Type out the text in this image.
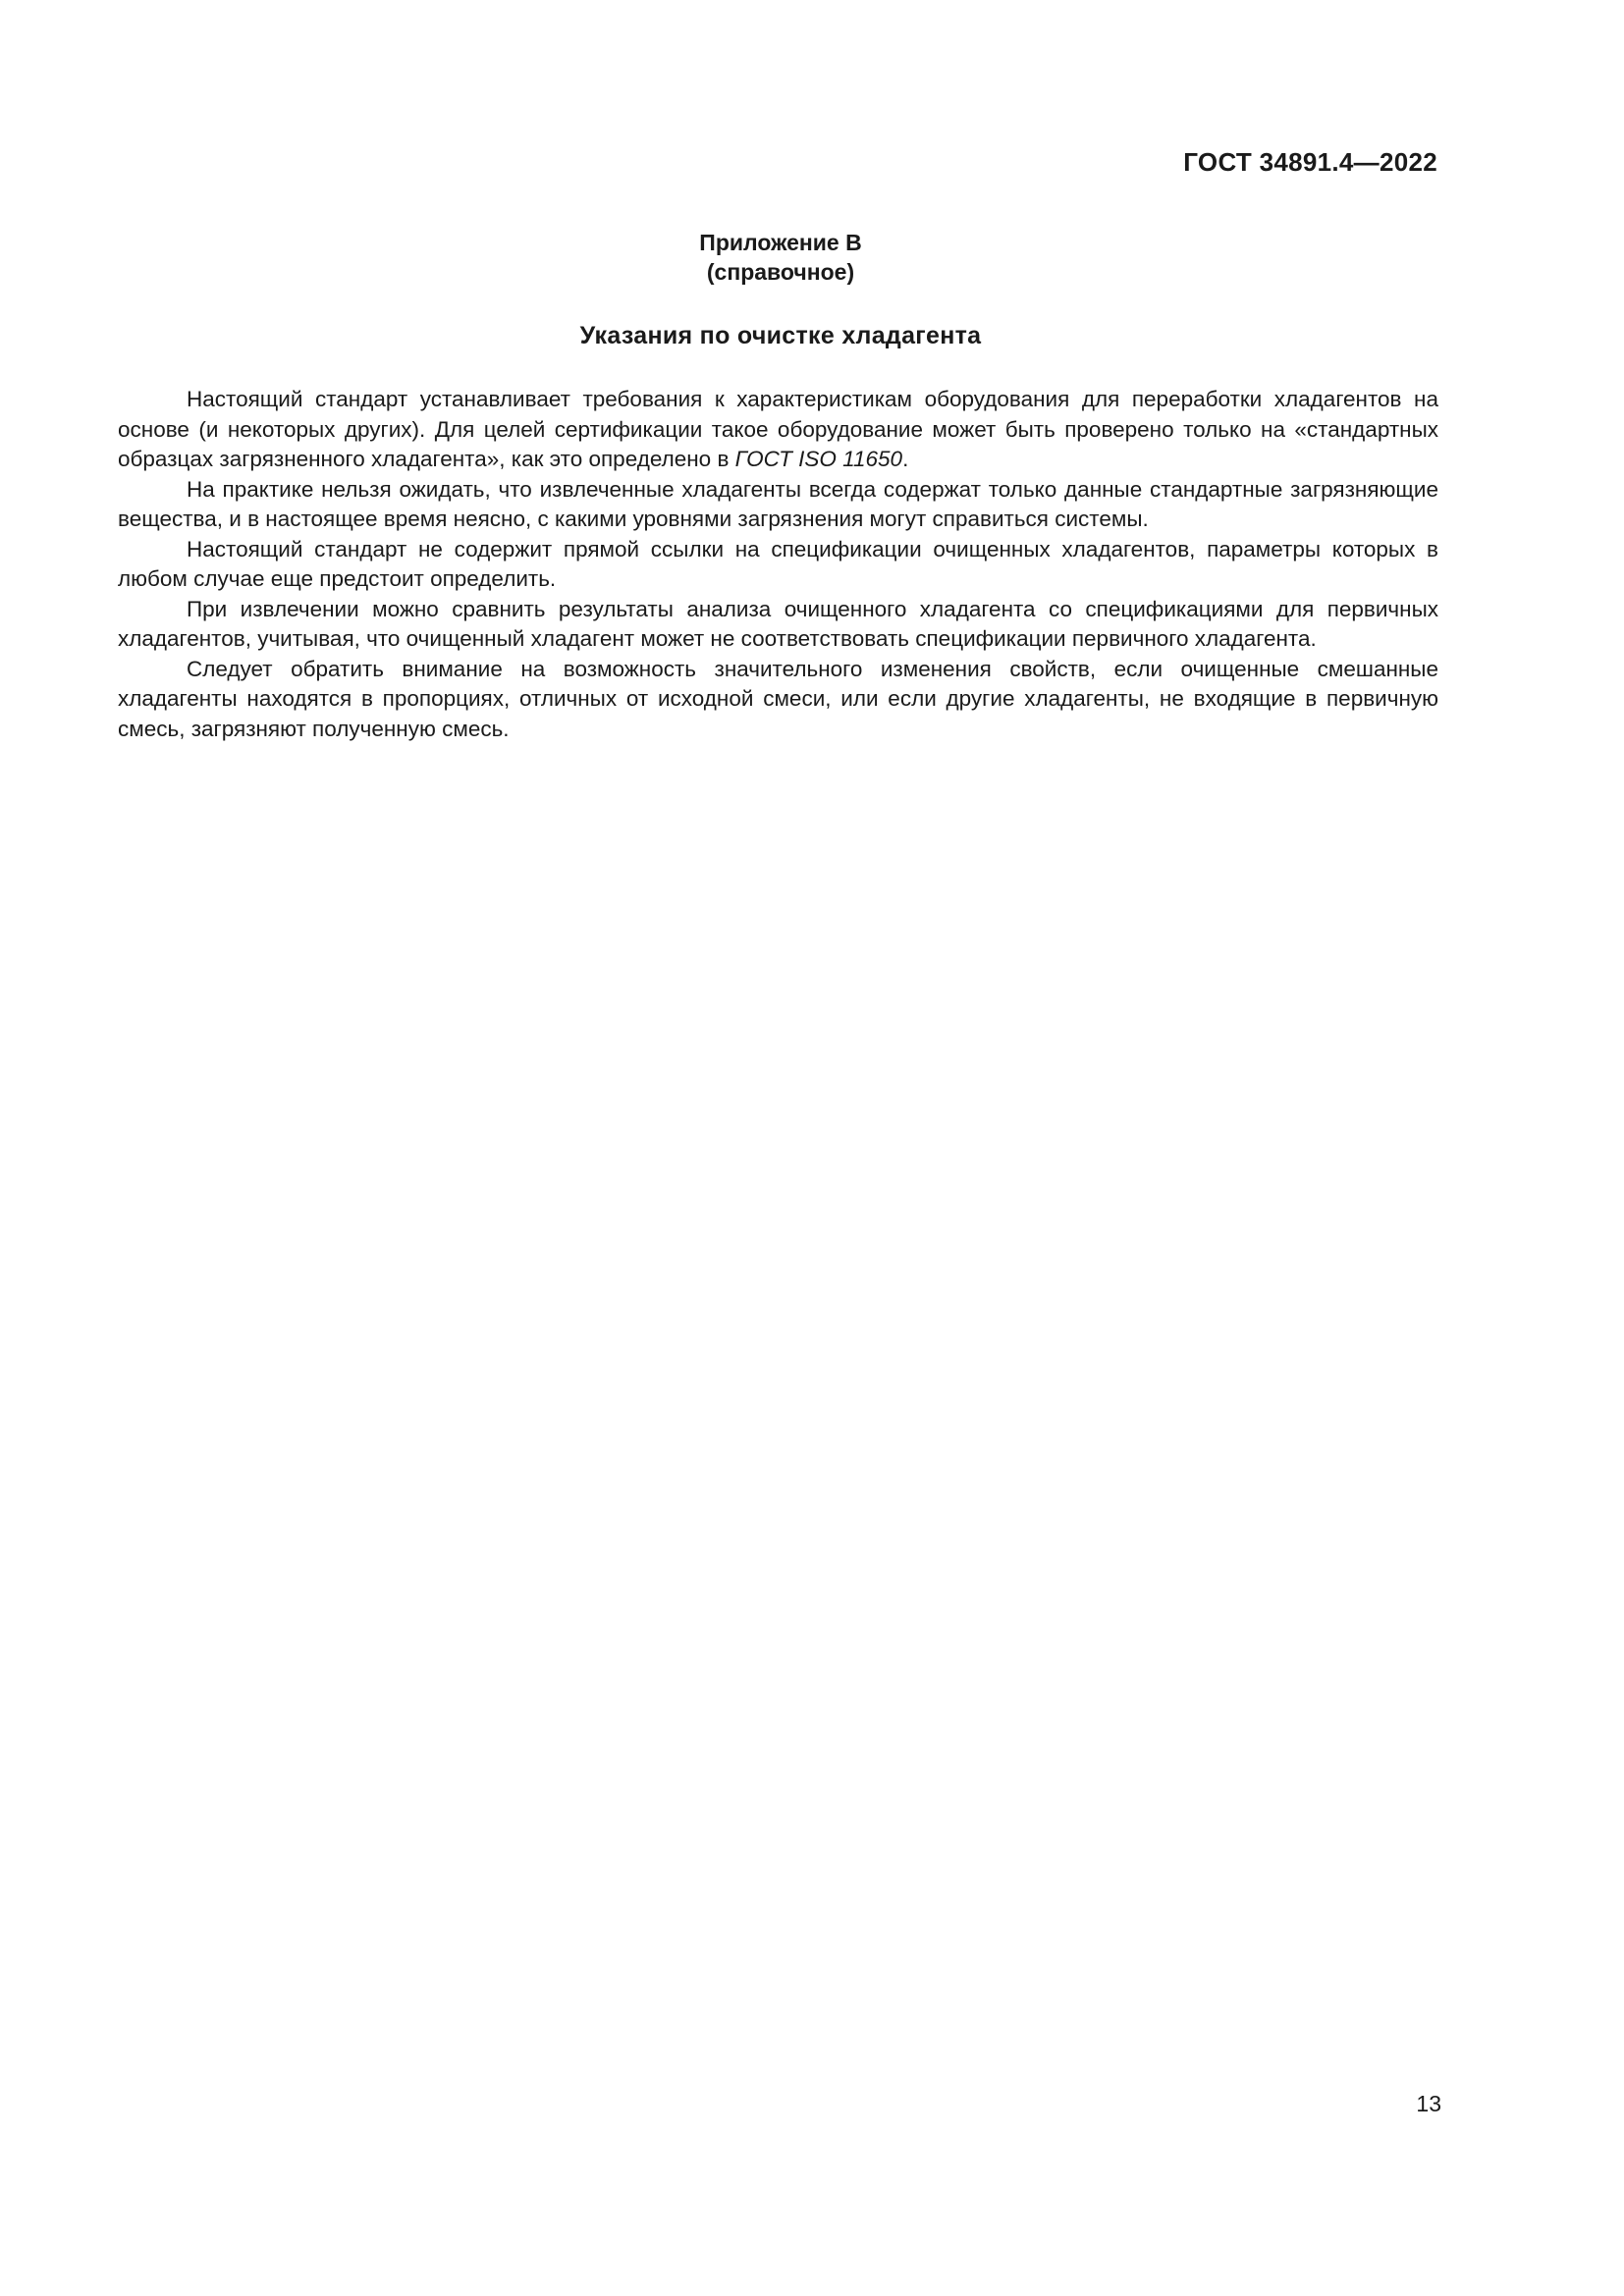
ГОСТ 34891.4—2022
Приложение В
(справочное)
Указания по очистке хладагента

Настоящий стандарт устанавливает требования к характеристикам оборудования для переработки хладагентов на основе (и некоторых других). Для целей сертификации такое оборудование может быть проверено только на «стандартных образцах загрязненного хладагента», как это определено в ГОСТ ISO 11650.

На практике нельзя ожидать, что извлеченные хладагенты всегда содержат только данные стандартные загрязняющие вещества, и в настоящее время неясно, с какими уровнями загрязнения могут справиться системы.

Настоящий стандарт не содержит прямой ссылки на спецификации очищенных хладагентов, параметры которых в любом случае еще предстоит определить.

При извлечении можно сравнить результаты анализа очищенного хладагента со спецификациями для первичных хладагентов, учитывая, что очищенный хладагент может не соответствовать спецификации первичного хладагента.

Следует обратить внимание на возможность значительного изменения свойств, если очищенные смешанные хладагенты находятся в пропорциях, отличных от исходной смеси, или если другие хладагенты, не входящие в первичную смесь, загрязняют полученную смесь.

13
